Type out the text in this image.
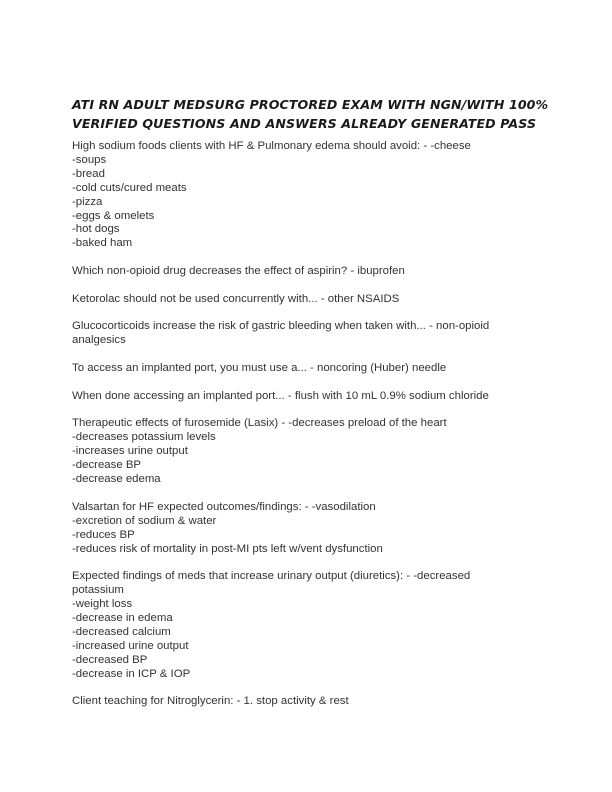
ATI RN ADULT MEDSURG PROCTORED EXAM WITH NGN/WITH 100%
VERIFIED QUESTIONS AND ANSWERS ALREADY GENERATED PASS
High sodium foods clients with HF & Pulmonary edema should avoid: - -cheese
-soups
-bread
-cold cuts/cured meats
-pizza
-eggs & omelets
-hot dogs
-baked ham
Which non-opioid drug decreases the effect of aspirin? - ibuprofen
Ketorolac should not be used concurrently with... - other NSAIDS
Glucocorticoids increase the risk of gastric bleeding when taken with... - non-opioid
analgesics
To access an implanted port, you must use a... - noncoring (Huber) needle
When done accessing an implanted port... - flush with 10 mL 0.9% sodium chloride
Therapeutic effects of furosemide (Lasix) - -decreases preload of the heart
-decreases potassium levels
-increases urine output
-decrease BP
-decrease edema
Valsartan for HF expected outcomes/findings: - -vasodilation
-excretion of sodium & water
-reduces BP
-reduces risk of mortality in post-MI pts left w/vent dysfunction
Expected findings of meds that increase urinary output (diuretics): - -decreased
potassium
-weight loss
-decrease in edema
-decreased calcium
-increased urine output
-decreased BP
-decrease in ICP & IOP
Client teaching for Nitroglycerin: - 1. stop activity & rest
